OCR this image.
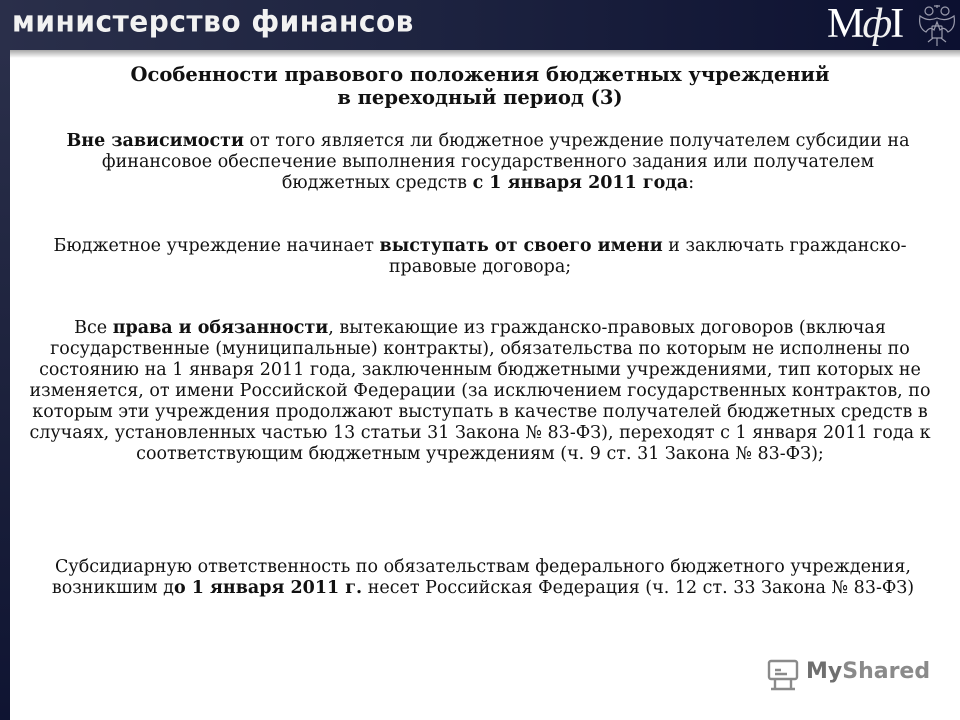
министерство финансов	МфI
Особенности правового положения бюджетных учреждений
в переходный период (3)
Вне зависимости от того является ли бюджетное учреждение получателем субсидии на финансовое обеспечение выполнения государственного задания или получателем бюджетных средств с 1 января 2011 года:
Бюджетное учреждение начинает выступать от своего имени и заключать гражданско-правовые договора;
Все права и обязанности, вытекающие из гражданско-правовых договоров (включая государственные (муниципальные) контракты), обязательства по которым не исполнены по состоянию на 1 января 2011 года, заключенным бюджетными учреждениями, тип которых не изменяется, от имени Российской Федерации (за исключением государственных контрактов, по которым эти учреждения продолжают выступать в качестве получателей бюджетных средств в случаях, установленных частью 13 статьи 31 Закона № 83-ФЗ), переходят с 1 января 2011 года к соответствующим бюджетным учреждениям (ч. 9 ст. 31 Закона № 83-ФЗ);
Субсидиарную ответственность по обязательствам федерального бюджетного учреждения, возникшим до 1 января 2011 г. несет Российская Федерация (ч. 12 ст. 33 Закона № 83-ФЗ)
MyShared
